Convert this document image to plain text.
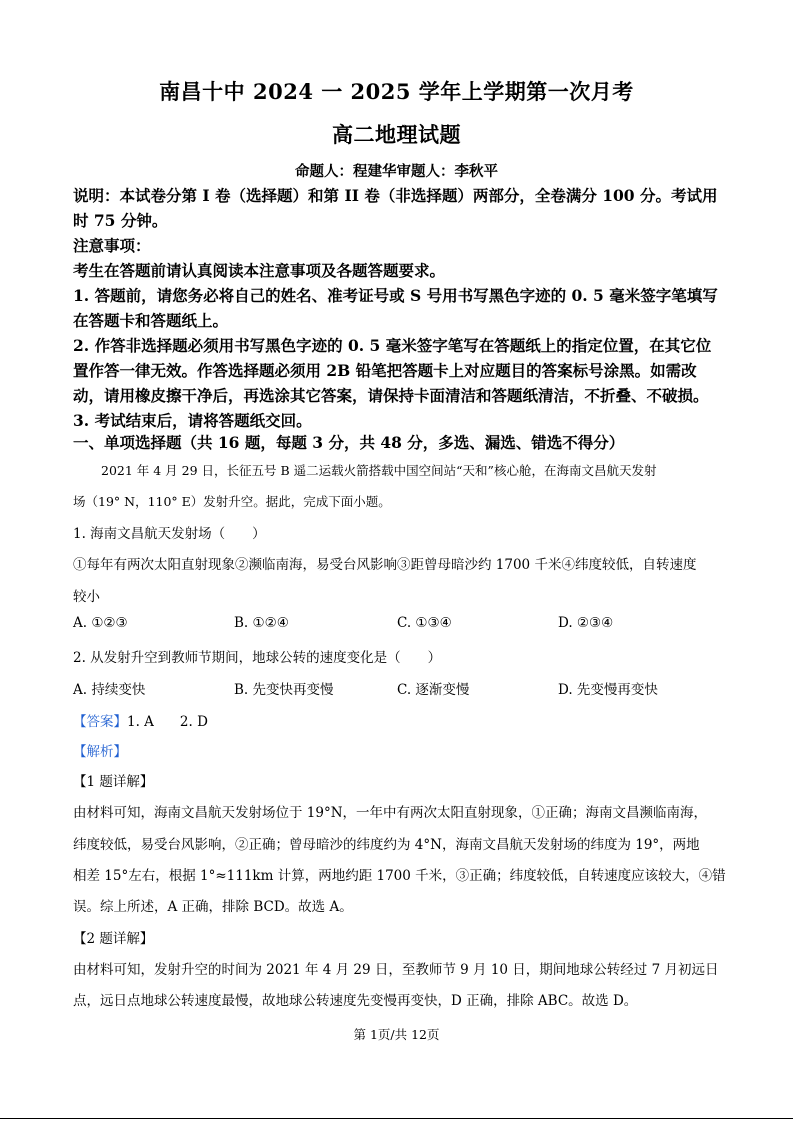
南昌十中 2024 一 2025 学年上学期第一次月考
高二地理试题
命题人：程建华审题人：李秋平
说明：本试卷分第 I 卷（选择题）和第 II 卷（非选择题）两部分，全卷满分 100 分。考试用
时 75 分钟。
注意事项：
考生在答题前请认真阅读本注意事项及各题答题要求。
1. 答题前，请您务必将自己的姓名、准考证号或 S 号用书写黑色字迹的 0. 5 毫米签字笔填写
在答题卡和答题纸上。
2. 作答非选择题必须用书写黑色字迹的 0. 5 毫米签字笔写在答题纸上的指定位置，在其它位
置作答一律无效。作答选择题必须用 2B 铅笔把答题卡上对应题目的答案标号涂黑。如需改
动，请用橡皮擦干净后，再选涂其它答案，请保持卡面清洁和答题纸清洁，不折叠、不破损。
3. 考试结束后，请将答题纸交回。
一、单项选择题（共 16 题，每题 3 分，共 48 分，多选、漏选、错选不得分）
2021 年 4 月 29 日，长征五号 B 遥二运载火箭搭载中国空间站“天和”核心舱，在海南文昌航天发射
场（19° N，110° E）发射升空。据此，完成下面小题。
1. 海南文昌航天发射场（　　）
①每年有两次太阳直射现象②濒临南海，易受台风影响③距曾母暗沙约 1700 千米④纬度较低，自转速度
较小
A. ①②③	B. ①②④	C. ①③④	D. ②③④
2. 从发射升空到教师节期间，地球公转的速度变化是（　　）
A. 持续变快	B. 先变快再变慢	C. 逐渐变慢	D. 先变慢再变快
【答案】1. A 2. D
【解析】
【1 题详解】
由材料可知，海南文昌航天发射场位于 19°N，一年中有两次太阳直射现象，①正确；海南文昌濒临南海，
纬度较低，易受台风影响，②正确；曾母暗沙的纬度约为 4°N，海南文昌航天发射场的纬度为 19°，两地
相差 15°左右，根据 1°≈111km 计算，两地约距 1700 千米，③正确；纬度较低，自转速度应该较大，④错
误。综上所述，A 正确，排除 BCD。故选 A。
【2 题详解】
由材料可知，发射升空的时间为 2021 年 4 月 29 日，至教师节 9 月 10 日，期间地球公转经过 7 月初远日
点，远日点地球公转速度最慢，故地球公转速度先变慢再变快，D 正确，排除 ABC。故选 D。
第 1页/共 12页
